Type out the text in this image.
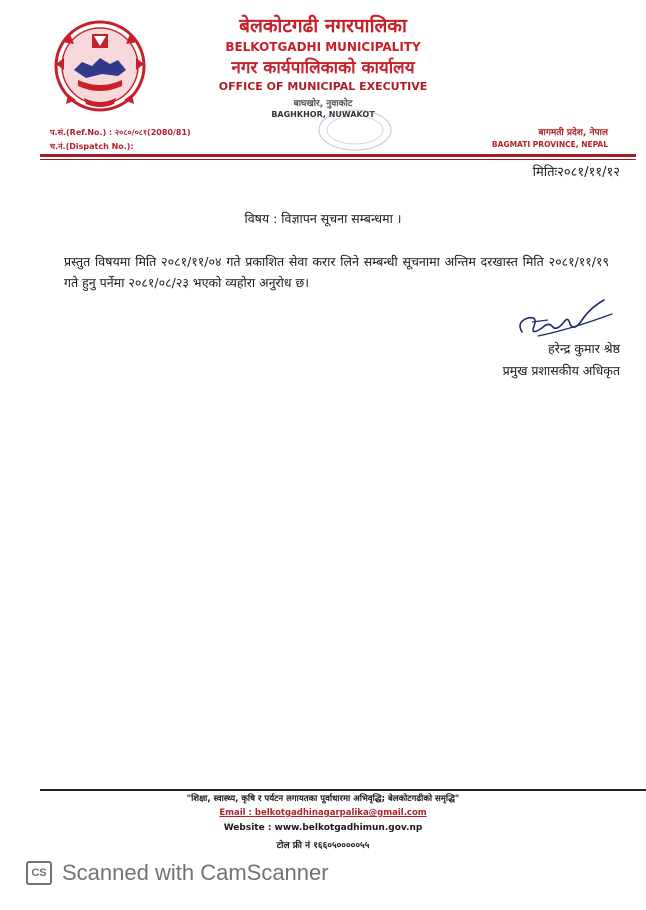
बेलकोटगढी नगरपालिका
BELKOTGADHI MUNICIPALITY
नगर कार्यपालिकाको कार्यालय
OFFICE OF MUNICIPAL EXECUTIVE
बाघखोर, नुवाकोट
BAGHKHOR, NUWAKOT
प.सं.(Ref.No.) : २०८०/०८१(2080/81)
च.नं.(Dispatch No.):
बागमती प्रदेश, नेपाल
BAGMATI PROVINCE, NEPAL
मितिः२०८१/११/१२
विषय : विज्ञापन सूचना सम्बन्धमा ।
प्रस्तुत विषयमा मिति २०८१/११/०४ गते प्रकाशित सेवा करार लिने सम्बन्धी सूचनामा अन्तिम दरखास्त मिति २०८१/११/१९ गते हुनु पर्नेमा २०८१/०८/२३ भएको व्यहोरा अनुरोध छ।
हरेन्द्र कुमार श्रेष्ठ
प्रमुख प्रशासकीय अधिकृत
"शिक्षा, स्वास्थ्य, कृषि र पर्यटन लगायतका पूर्वाधारमा अभिवृद्धि; बेलकोटगढीको समृद्धि"
Email : belkotgadhinagarpalika@gmail.com
Website : www.belkotgadhimun.gov.np
टोल फ्री नं १६६०५०००००५५
CS Scanned with CamScanner
